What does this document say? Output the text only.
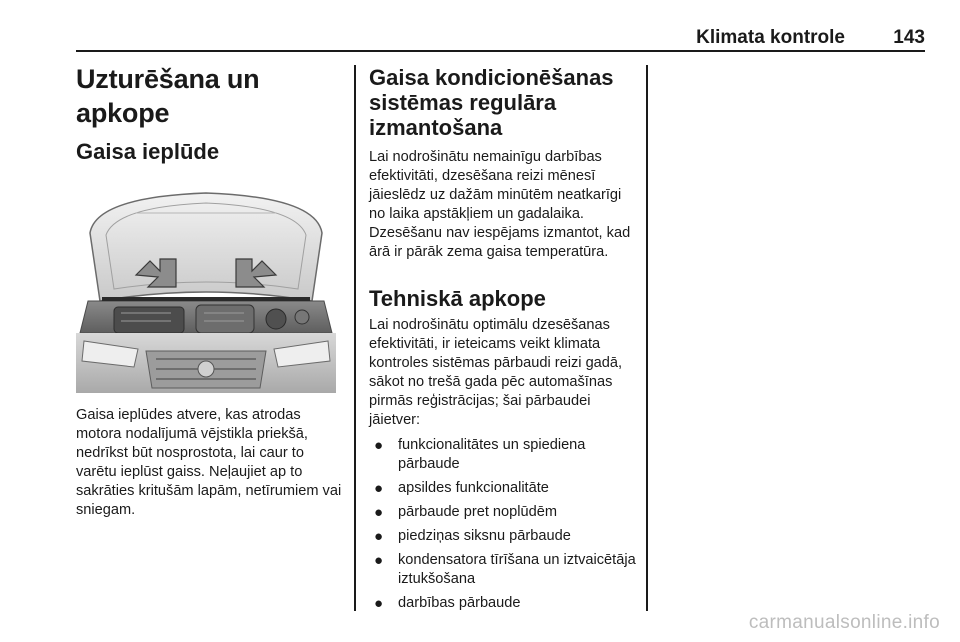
Klimata kontrole	143
Uzturēšana un apkope
Gaisa ieplūde

Gaisa ieplūdes atvere, kas atrodas motora nodalījumā vējstikla priekšā, nedrīkst būt nosprostota, lai caur to varētu ieplūst gaiss. Neļaujiet ap to sakrāties kritušām lapām, netīrumiem vai sniegam.

Gaisa kondicionēšanas sistēmas regulāra izmantošana

Lai nodrošinātu nemainīgu darbības efektivitāti, dzesēšana reizi mēnesī jāieslēdz uz dažām minūtēm neatkarīgi no laika apstākļiem un gadalaika. Dzesēšanu nav iespējams izmantot, kad ārā ir pārāk zema gaisa temperatūra.

Tehniskā apkope

Lai nodrošinātu optimālu dzesēšanas efektivitāti, ir ieteicams veikt klimata kontroles sistēmas pārbaudi reizi gadā, sākot no trešā gada pēc automašīnas pirmās reģistrācijas; šai pārbaudei jāietver:

● funkcionalitātes un spiediena pārbaude
● apsildes funkcionalitāte
● pārbaude pret noplūdēm
● piedziņas siksnu pārbaude
● kondensatora tīrīšana un iztvaicētāja iztukšošana
● darbības pārbaude
carmanualsonline.info
